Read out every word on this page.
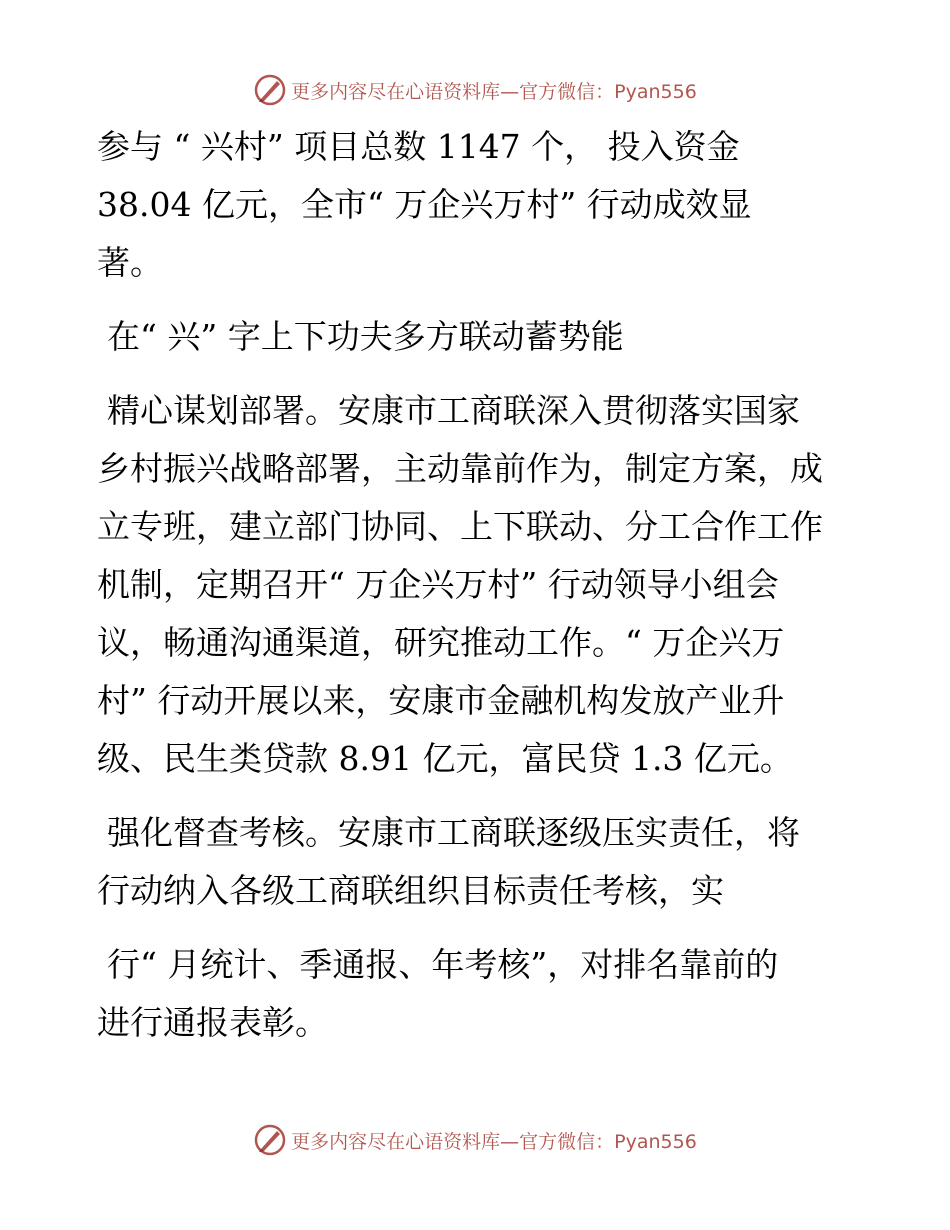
更多内容尽在心语资料库—官方微信：Pyan556
参与 “ 兴村” 项目总数 1147 个， 投入资金
38.04 亿元，全市“ 万企兴万村” 行动成效显
著。
在“ 兴” 字上下功夫多方联动蓄势能
精心谋划部署。安康市工商联深入贯彻落实国家
乡村振兴战略部署，主动靠前作为，制定方案，成
立专班，建立部门协同、上下联动、分工合作工作
机制，定期召开“ 万企兴万村” 行动领导小组会
议，畅通沟通渠道，研究推动工作。“ 万企兴万
村” 行动开展以来，安康市金融机构发放产业升
级、民生类贷款 8.91 亿元，富民贷 1.3 亿元。
强化督查考核。安康市工商联逐级压实责任，将
行动纳入各级工商联组织目标责任考核，实
行“ 月统计、季通报、年考核”，对排名靠前的
进行通报表彰。
更多内容尽在心语资料库—官方微信：Pyan556
